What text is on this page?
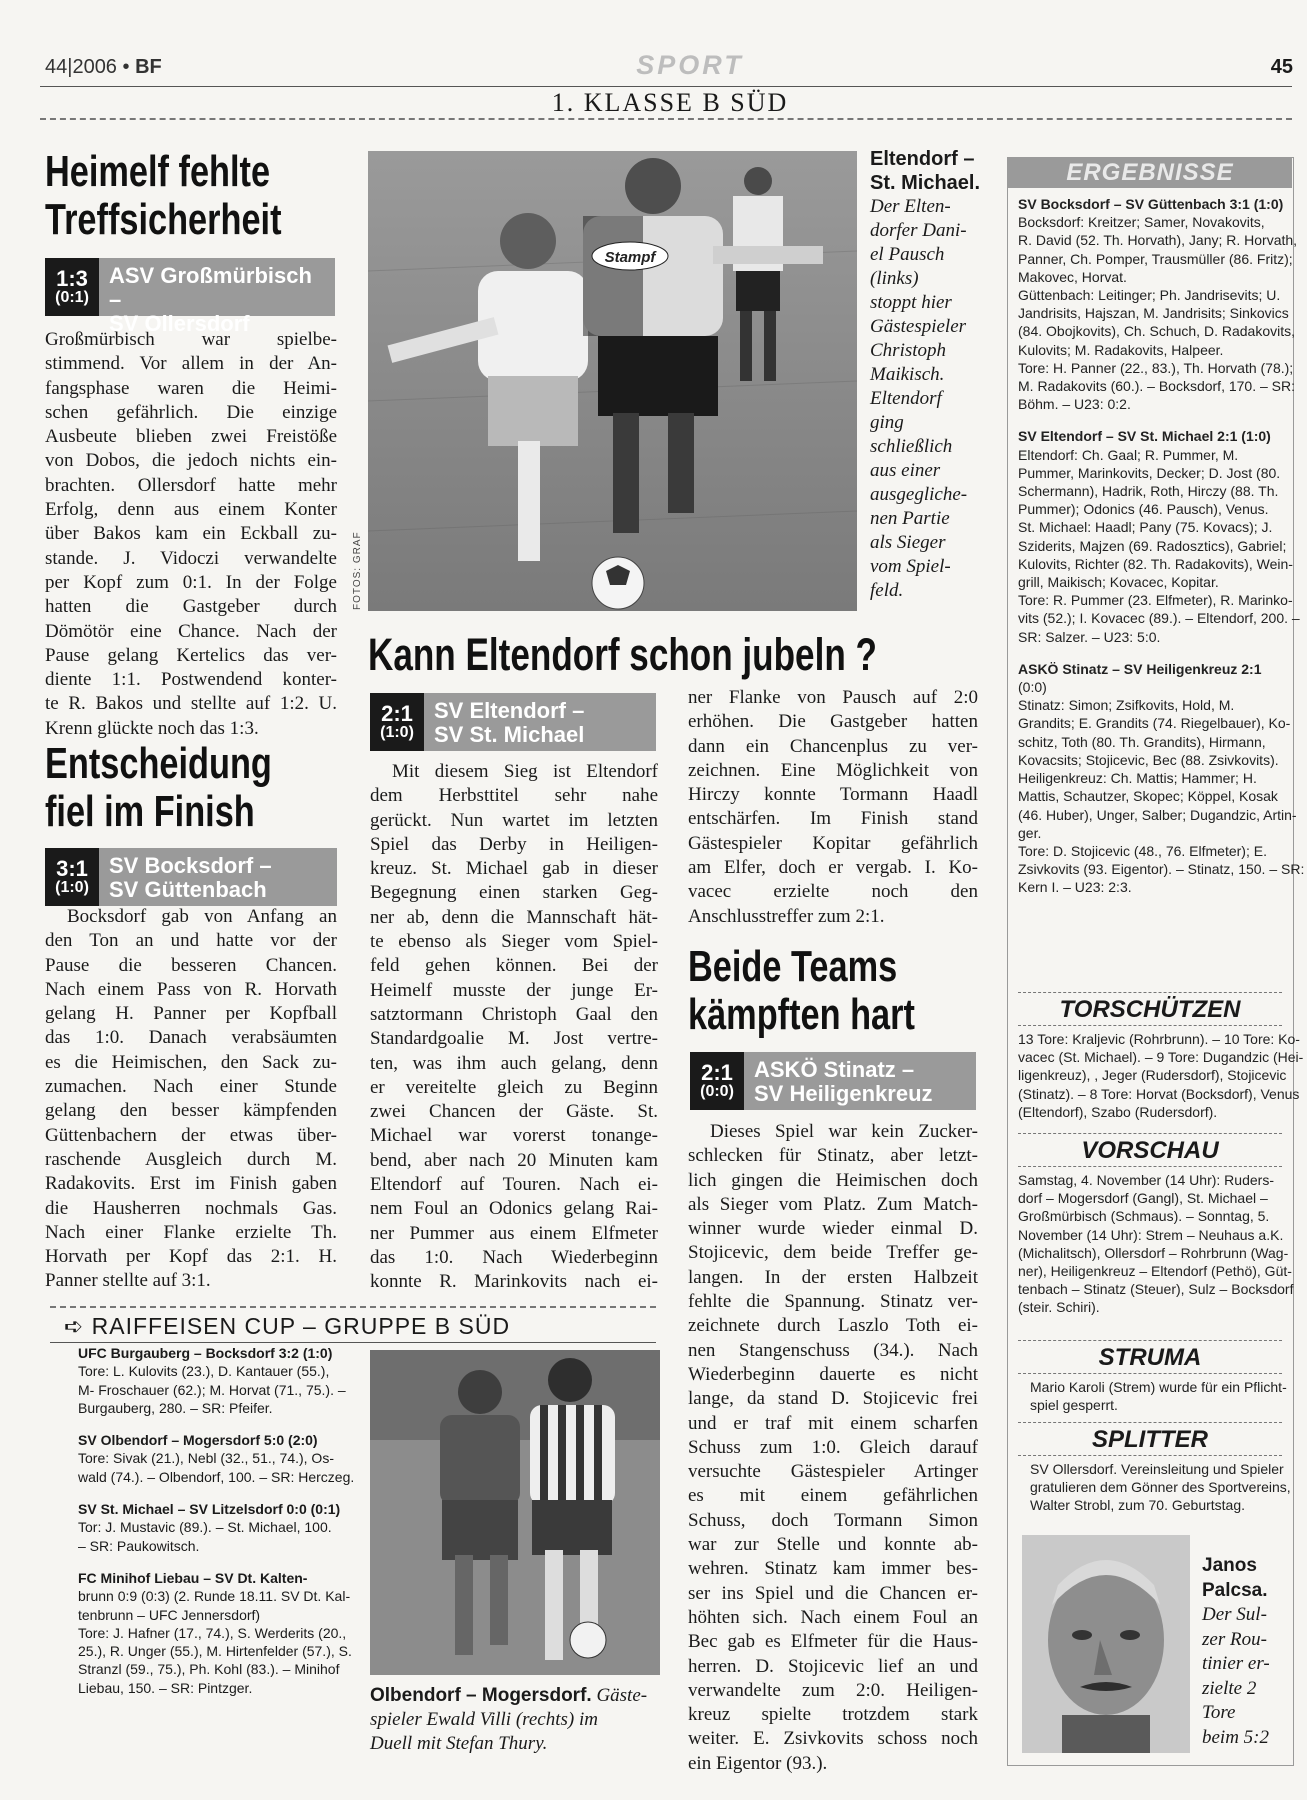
44|2006 • BF	SPORT	45
1. KLASSE B SÜD
Heimelf fehlte
Treffsicherheit
1:3
(0:1)
ASV Großmürbisch –
SV Ollersdorf
Großmürbisch war spielbe-
stimmend. Vor allem in der An-
fangsphase waren die Heimi-
schen gefährlich. Die einzige
Ausbeute blieben zwei Freistöße
von Dobos, die jedoch nichts ein-
brachten. Ollersdorf hatte mehr
Erfolg, denn aus einem Konter
über Bakos kam ein Eckball zu-
stande. J. Vidoczi verwandelte
per Kopf zum 0:1. In der Folge
hatten die Gastgeber durch
Dömötör eine Chance. Nach der
Pause gelang Kertelics das ver-
diente 1:1. Postwendend konter-
te R. Bakos und stellte auf 1:2. U.
Krenn glückte noch das 1:3.
Entscheidung
fiel im Finish
3:1
(1:0)
SV Bocksdorf –
SV Güttenbach
Bocksdorf gab von Anfang an
den Ton an und hatte vor der
Pause die besseren Chancen.
Nach einem Pass von R. Horvath
gelang H. Panner per Kopfball
das 1:0. Danach verabsäumten
es die Heimischen, den Sack zu-
zumachen. Nach einer Stunde
gelang den besser kämpfenden
Güttenbachern der etwas über-
raschende Ausgleich durch M.
Radakovits. Erst im Finish gaben
die Hausherren nochmals Gas.
Nach einer Flanke erzielte Th.
Horvath per Kopf das 2:1. H.
Panner stellte auf 3:1.
Stampf
FOTOS: GRAF
Eltendorf –
St. Michael.
Der Elten-
dorfer Dani-
el Pausch
(links)
stoppt hier
Gästespieler
Christoph
Maikisch.
Eltendorf
ging
schließlich
aus einer
ausgegliche-
nen Partie
als Sieger
vom Spiel-
feld.
Kann Eltendorf schon jubeln ?
2:1
(1:0)
SV Eltendorf –
SV St. Michael
Mit diesem Sieg ist Eltendorf
dem Herbsttitel sehr nahe
gerückt. Nun wartet im letzten
Spiel das Derby in Heiligen-
kreuz. St. Michael gab in dieser
Begegnung einen starken Geg-
ner ab, denn die Mannschaft hät-
te ebenso als Sieger vom Spiel-
feld gehen können. Bei der
Heimelf musste der junge Er-
satztormann Christoph Gaal den
Standardgoalie M. Jost vertre-
ten, was ihm auch gelang, denn
er vereitelte gleich zu Beginn
zwei Chancen der Gäste. St.
Michael war vorerst tonange-
bend, aber nach 20 Minuten kam
Eltendorf auf Touren. Nach ei-
nem Foul an Odonics gelang Rai-
ner Pummer aus einem Elfmeter
das 1:0. Nach Wiederbeginn
konnte R. Marinkovits nach ei-
ner Flanke von Pausch auf 2:0
erhöhen. Die Gastgeber hatten
dann ein Chancenplus zu ver-
zeichnen. Eine Möglichkeit von
Hirczy konnte Tormann Haadl
entschärfen. Im Finish stand
Gästespieler Kopitar gefährlich
am Elfer, doch er vergab. I. Ko-
vacec erzielte noch den
Anschlusstreffer zum 2:1.
Beide Teams
kämpften hart
2:1
(0:0)
ASKÖ Stinatz –
SV Heiligenkreuz
Dieses Spiel war kein Zucker-
schlecken für Stinatz, aber letzt-
lich gingen die Heimischen doch
als Sieger vom Platz. Zum Match-
winner wurde wieder einmal D.
Stojicevic, dem beide Treffer ge-
langen. In der ersten Halbzeit
fehlte die Spannung. Stinatz ver-
zeichnete durch Laszlo Toth ei-
nen Stangenschuss (34.). Nach
Wiederbeginn dauerte es nicht
lange, da stand D. Stojicevic frei
und er traf mit einem scharfen
Schuss zum 1:0. Gleich darauf
versuchte Gästespieler Artinger
es mit einem gefährlichen
Schuss, doch Tormann Simon
war zur Stelle und konnte ab-
wehren. Stinatz kam immer bes-
ser ins Spiel und die Chancen er-
höhten sich. Nach einem Foul an
Bec gab es Elfmeter für die Haus-
herren. D. Stojicevic lief an und
verwandelte zum 2:0. Heiligen-
kreuz spielte trotzdem stark
weiter. E. Zsivkovits schoss noch
ein Eigentor (93.).
➪ RAIFFEISEN CUP – GRUPPE B SÜD

UFC Burgauberg – Bocksdorf 3:2 (1:0)
Tore: L. Kulovits (23.), D. Kantauer (55.),
M- Froschauer (62.); M. Horvat (71., 75.). –
Burgauberg, 280. – SR: Pfeifer.

SV Olbendorf – Mogersdorf 5:0 (2:0)
Tore: Sivak (21.), Nebl (32., 51., 74.), Os-
wald (74.). – Olbendorf, 100. – SR: Herczeg.

SV St. Michael – SV Litzelsdorf 0:0 (0:1)
Tor: J. Mustavic (89.). – St. Michael, 100.
– SR: Paukowitsch.

FC Minihof Liebau – SV Dt. Kalten-
brunn 0:9 (0:3) (2. Runde 18.11. SV Dt. Kal-
tenbrunn – UFC Jennersdorf)
Tore: J. Hafner (17., 74.), S. Werderits (20.,
25.), R. Unger (55.), M. Hirtenfelder (57.), S.
Stranzl (59., 75.), Ph. Kohl (83.). – Minihof
Liebau, 150. – SR: Pintzger.	Olbendorf – Mogersdorf. Gäste-
spieler Ewald Villi (rechts) im
Duell mit Stefan Thury.
ERGEBNISSE

SV Bocksdorf – SV Güttenbach 3:1 (1:0)
Bocksdorf: Kreitzer; Samer, Novakovits,
R. David (52. Th. Horvath), Jany; R. Horvath,
Panner, Ch. Pomper, Trausmüller (86. Fritz);
Makovec, Horvat.
Güttenbach: Leitinger; Ph. Jandrisevits; U.
Jandrisits, Hajszan, M. Jandrisits; Sinkovics
(84. Obojkovits), Ch. Schuch, D. Radakovits,
Kulovits; M. Radakovits, Halpeer.
Tore: H. Panner (22., 83.), Th. Horvath (78.);
M. Radakovits (60.). – Bocksdorf, 170. – SR:
Böhm. – U23: 0:2.

SV Eltendorf – SV St. Michael 2:1 (1:0)
Eltendorf: Ch. Gaal; R. Pummer, M.
Pummer, Marinkovits, Decker; D. Jost (80.
Schermann), Hadrik, Roth, Hirczy (88. Th.
Pummer); Odonics (46. Pausch), Venus.
St. Michael: Haadl; Pany (75. Kovacs); J.
Sziderits, Majzen (69. Radosztics), Gabriel;
Kulovits, Richter (82. Th. Radakovits), Wein-
grill, Maikisch; Kovacec, Kopitar.
Tore: R. Pummer (23. Elfmeter), R. Marinko-
vits (52.); I. Kovacec (89.). – Eltendorf, 200. –
SR: Salzer. – U23: 5:0.

ASKÖ Stinatz – SV Heiligenkreuz 2:1
(0:0)
Stinatz: Simon; Zsifkovits, Hold, M.
Grandits; E. Grandits (74. Riegelbauer), Ko-
schitz, Toth (80. Th. Grandits), Hirmann,
Kovacsits; Stojicevic, Bec (88. Zsivkovits).
Heiligenkreuz: Ch. Mattis; Hammer; H.
Mattis, Schautzer, Skopec; Köppel, Kosak
(46. Huber), Unger, Salber; Dugandzic, Artin-
ger.
Tore: D. Stojicevic (48., 76. Elfmeter); E.
Zsivkovits (93. Eigentor). – Stinatz, 150. – SR:
Kern I. – U23: 2:3.

TORSCHÜTZEN
13 Tore: Kraljevic (Rohrbrunn). – 10 Tore: Ko-
vacec (St. Michael). – 9 Tore: Dugandzic (Hei-
ligenkreuz), , Jeger (Rudersdorf), Stojicevic
(Stinatz). – 8 Tore: Horvat (Bocksdorf), Venus
(Eltendorf), Szabo (Rudersdorf).
VORSCHAU
Samstag, 4. November (14 Uhr): Ruders-
dorf – Mogersdorf (Gangl), St. Michael –
Großmürbisch (Schmaus). – Sonntag, 5.
November (14 Uhr): Strem – Neuhaus a.K.
(Michalitsch), Ollersdorf – Rohrbrunn (Wag-
ner), Heiligenkreuz – Eltendorf (Pethö), Güt-
tenbach – Stinatz (Steuer), Sulz – Bocksdorf
(steir. Schiri).
STRUMA
Mario Karoli (Strem) wurde für ein Pflicht-
spiel gesperrt.
SPLITTER
SV Ollersdorf. Vereinsleitung und Spieler
gratulieren dem Gönner des Sportvereins,
Walter Strobl, zum 70. Geburtstag.
Janos
Palcsa.
Der Sul-
zer Rou-
tinier er-
zielte 2
Tore
beim 5:2
